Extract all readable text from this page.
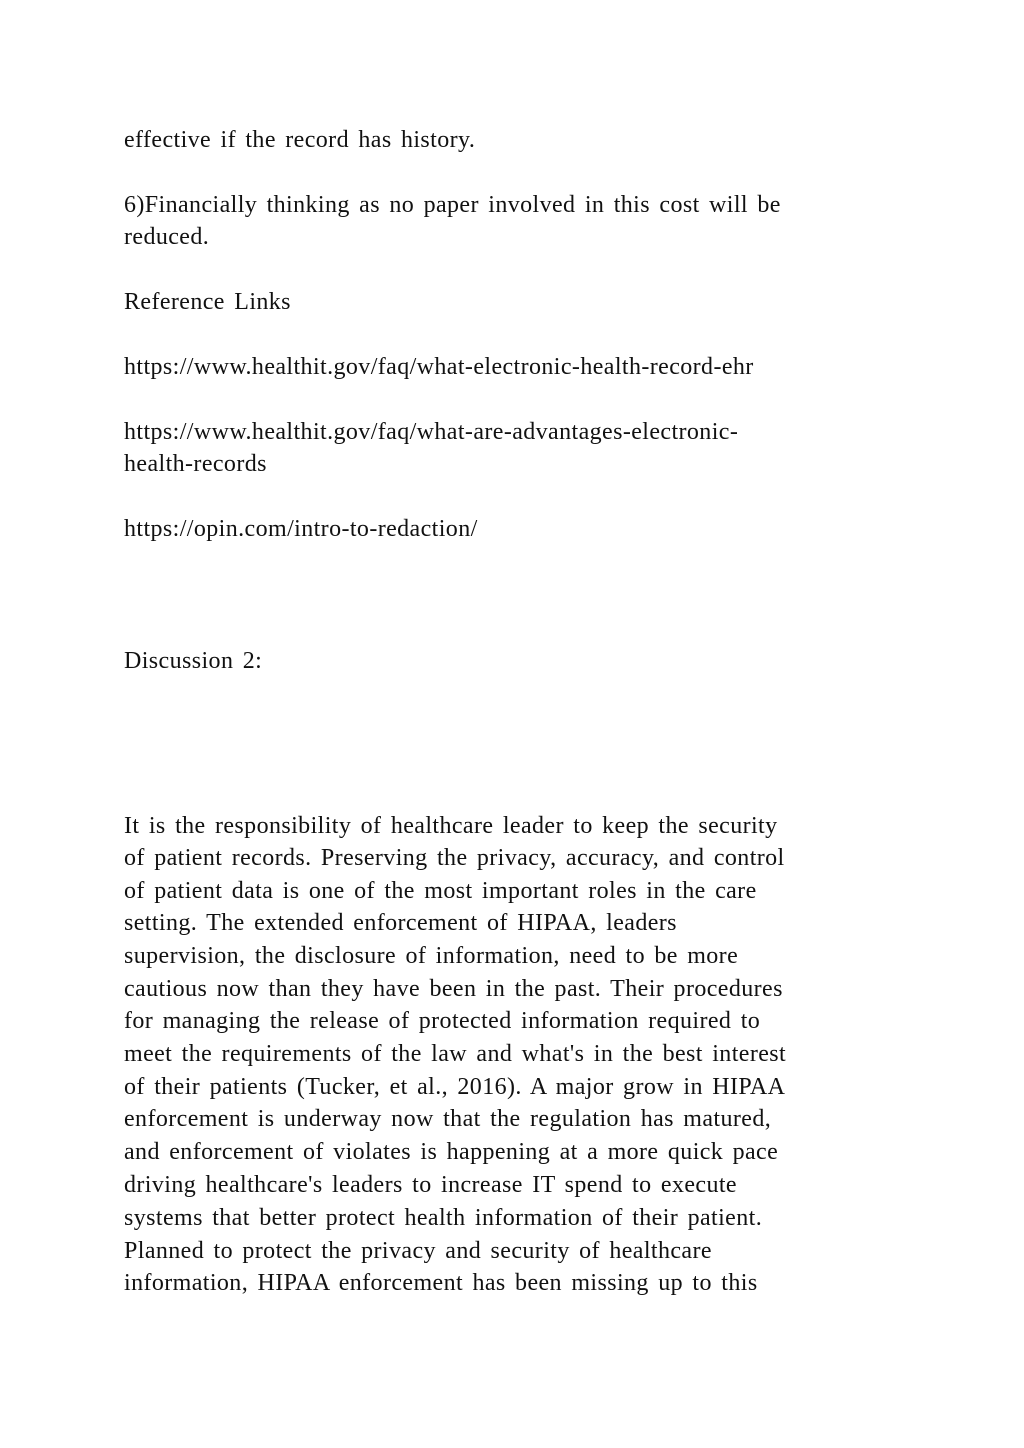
effective if the record has history.
6)Financially thinking as no paper involved in this cost will be
reduced.
Reference Links
https://www.healthit.gov/faq/what-electronic-health-record-ehr
https://www.healthit.gov/faq/what-are-advantages-electronic-
health-records
https://opin.com/intro-to-redaction/
Discussion 2:
It is the responsibility of healthcare leader to keep the security
of patient records. Preserving the privacy, accuracy, and control
of patient data is one of the most important roles in the care
setting. The extended enforcement of HIPAA, leaders
supervision, the disclosure of information, need to be more
cautious now than they have been in the past. Their procedures
for managing the release of protected information required to
meet the requirements of the law and what's in the best interest
of their patients (Tucker, et al., 2016). A major grow in HIPAA
enforcement is underway now that the regulation has matured,
and enforcement of violates is happening at a more quick pace
driving healthcare's leaders to increase IT spend to execute
systems that better protect health information of their patient.
Planned to protect the privacy and security of healthcare
information, HIPAA enforcement has been missing up to this
